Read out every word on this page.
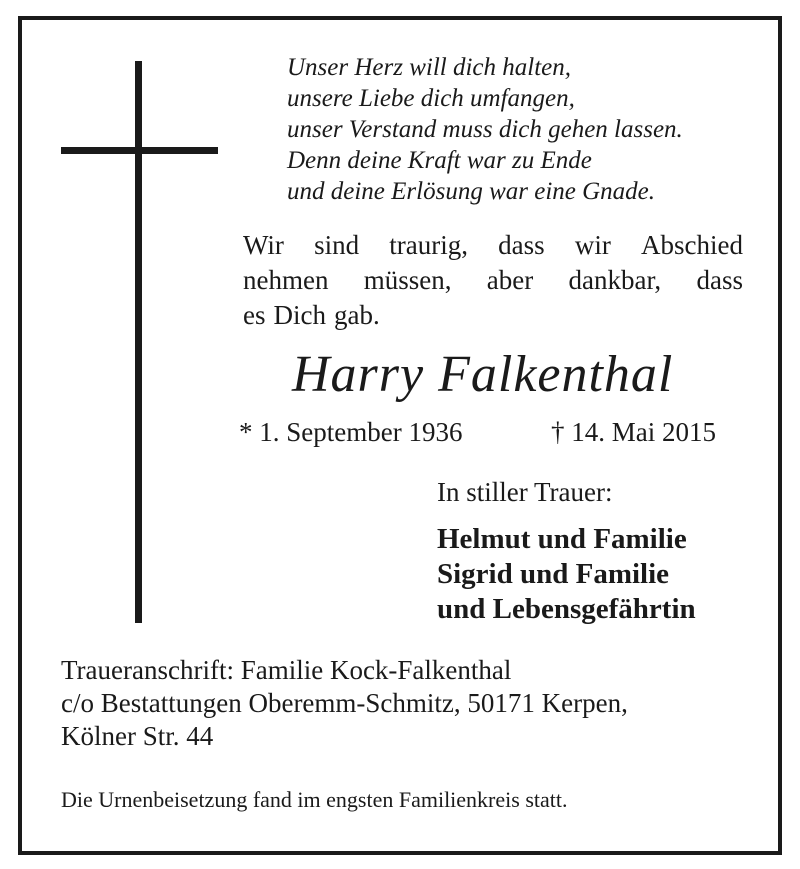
Unser Herz will dich halten,
unsere Liebe dich umfangen,
unser Verstand muss dich gehen lassen.
Denn deine Kraft war zu Ende
und deine Erlösung war eine Gnade.
Wir sind traurig, dass wir Abschied
nehmen müssen, aber dankbar, dass
es Dich gab.
Harry Falkenthal
* 1. September 1936	† 14. Mai 2015
In stiller Trauer:
Helmut und Familie
Sigrid und Familie
und Lebensgefährtin
Traueranschrift: Familie Kock-Falkenthal
c/o Bestattungen Oberemm-Schmitz, 50171 Kerpen,
Kölner Str. 44
Die Urnenbeisetzung fand im engsten Familienkreis statt.
